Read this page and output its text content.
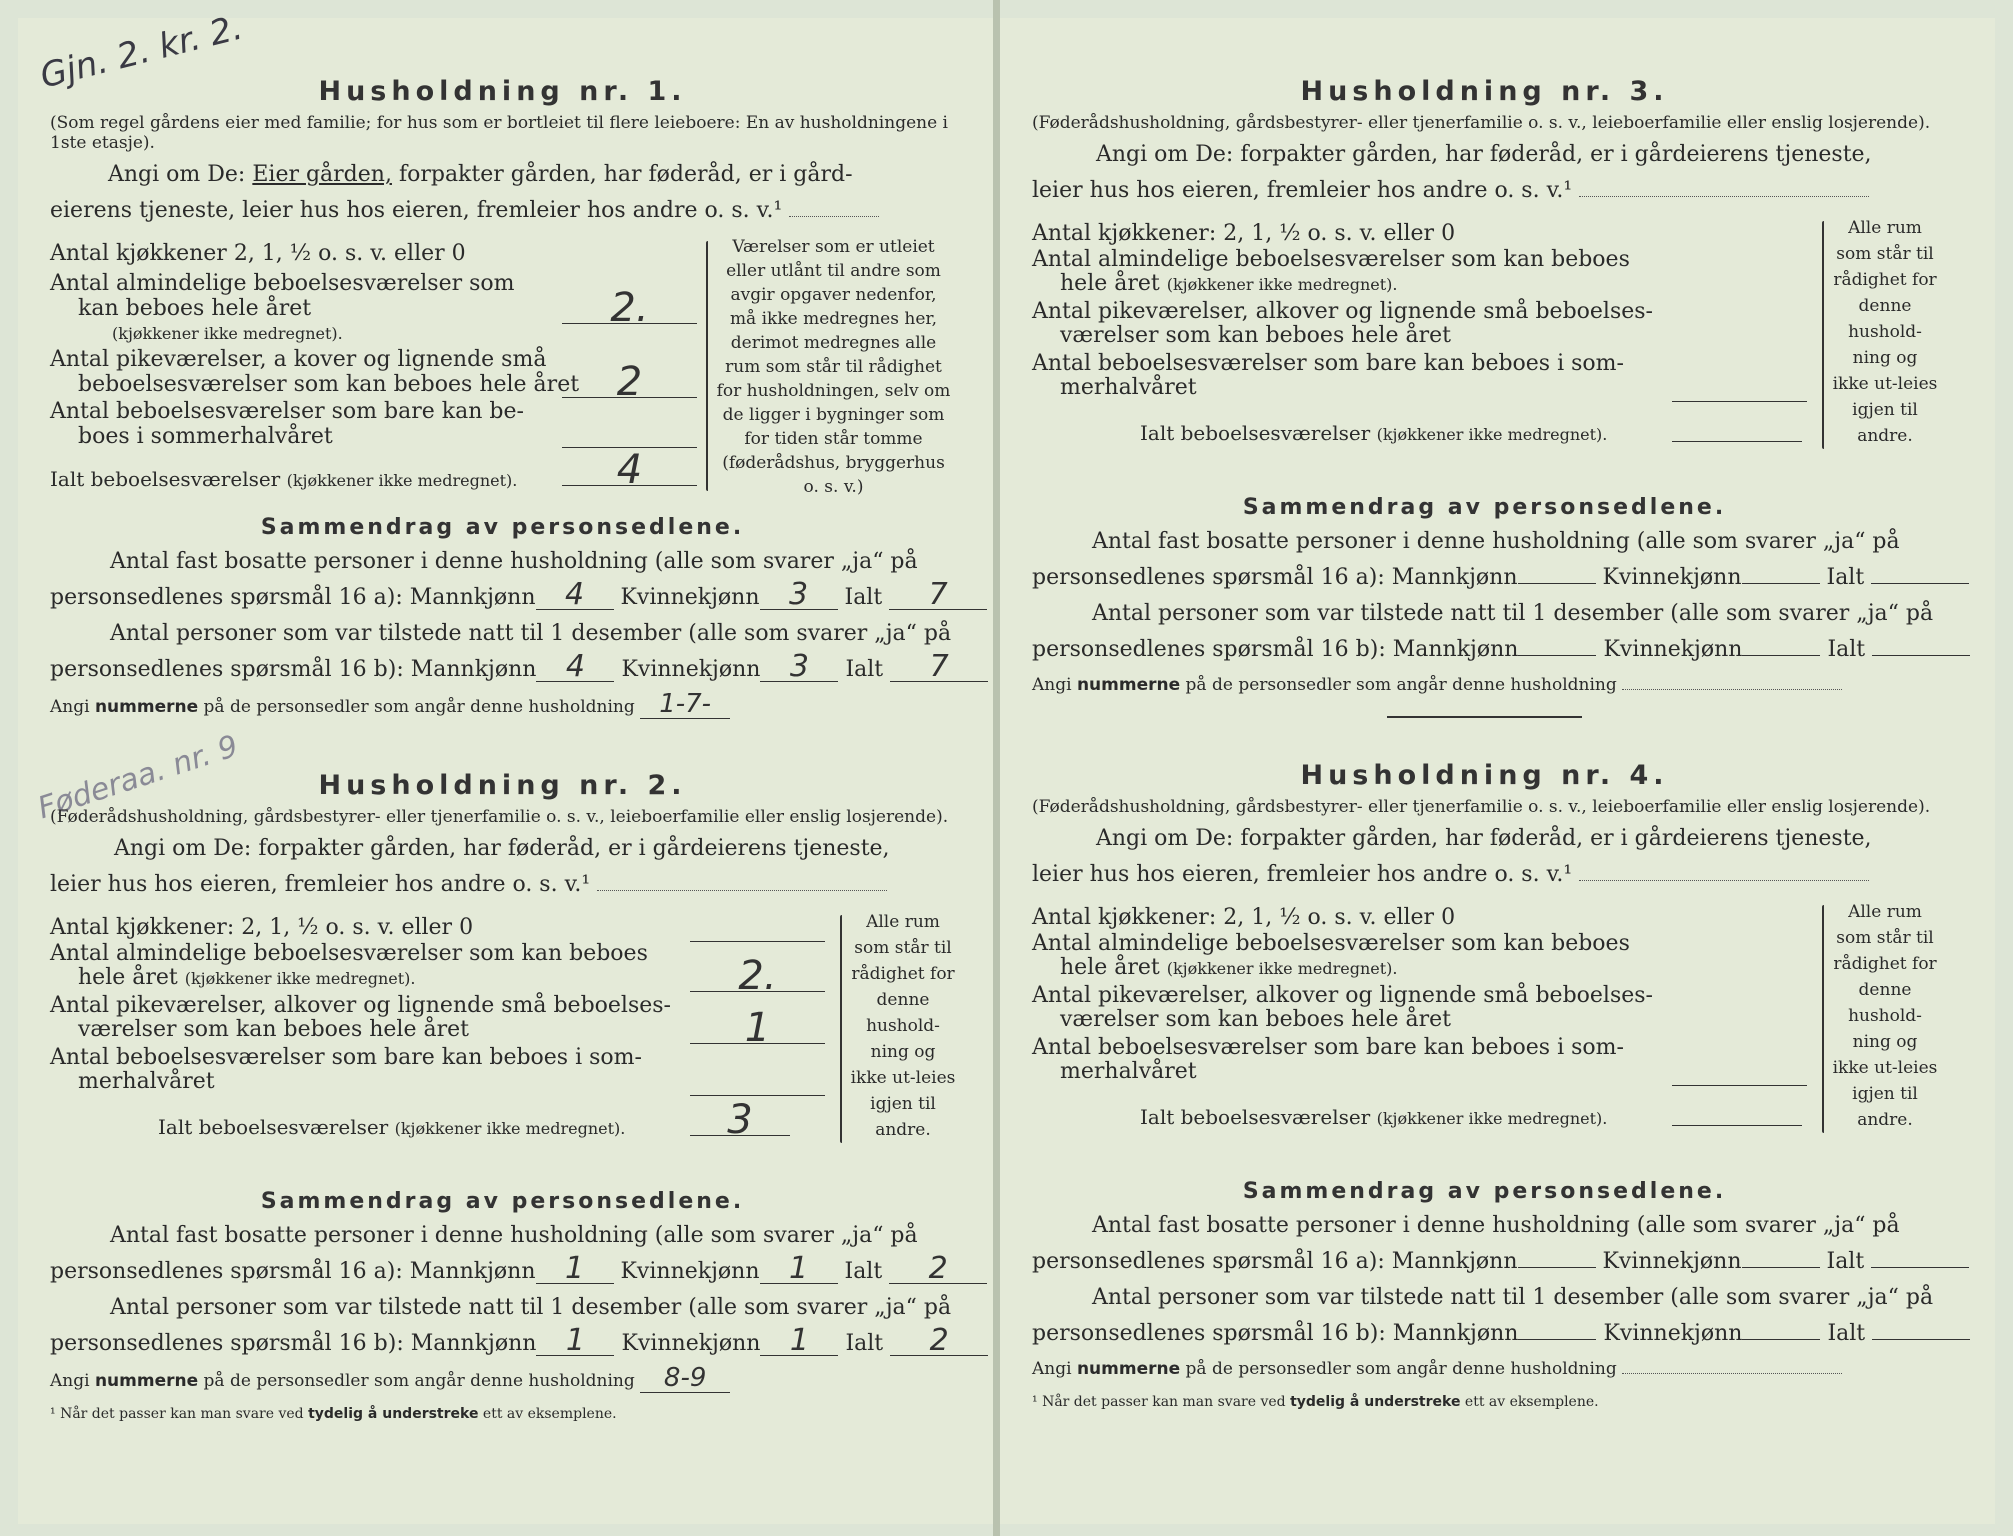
Gjn. 2. kr. 2.
Føderaa. nr. 9
Husholdning nr. 1.

(Som regel gårdens eier med familie; for hus som er bortleiet til flere leieboere: En av husholdningene i 1ste etasje).

Angi om De: Eier gården, forpakter gården, har føderåd, er i gård-

eierens tjeneste, leier hus hos eieren, fremleier hos andre o. s. v.¹

Antal kjøkkener 2, 1, ½ o. s. v. eller 0
Antal almindelige beboelsesværelser som
kan beboes hele året
(kjøkkener ikke medregnet).
2.
Antal pikeværelser, a kover og lignende små
beboelsesværelser som kan beboes hele året 2
Antal beboelsesværelser som bare kan be-
boes i sommerhalvåret
Ialt beboelsesværelser (kjøkkener ikke medregnet).	4
Værelser som er utleiet eller utlånt til andre som avgir opgaver nedenfor, må ikke medregnes her, derimot medregnes alle rum som står til rådighet for husholdningen, selv om de ligger i bygninger som for tiden står tomme (føderådshus, bryggerhus o. s. v.)
Sammendrag av personsedlene.

Antal fast bosatte personer i denne husholdning (alle som svarer „ja“ på

personsedlenes spørsmål 16 a): Mannkjønn 4 Kvinnekjønn 3 Ialt 7

Antal personer som var tilstede natt til 1 desember (alle som svarer „ja“ på

personsedlenes spørsmål 16 b): Mannkjønn 4 Kvinnekjønn 3 Ialt 7

Angi nummerne på de personsedler som angår denne husholdning 1-7-

Husholdning nr. 2.

(Føderådshusholdning, gårdsbestyrer- eller tjenerfamilie o. s. v., leieboerfamilie eller enslig losjerende).

Angi om De: forpakter gården, har føderåd, er i gårdeierens tjeneste,

leier hus hos eieren, fremleier hos andre o. s. v.¹

Antal kjøkkener: 2, 1, ½ o. s. v. eller 0
Antal almindelige beboelsesværelser som kan beboes
hele året (kjøkkener ikke medregnet).	2.
Antal pikeværelser, alkover og lignende små beboelses-
værelser som kan beboes hele året	1
Antal beboelsesværelser som bare kan beboes i som-
merhalvåret
Ialt beboelsesværelser (kjøkkener ikke medregnet).	3
Alle rum som står til rådighet for denne hushold-ning og ikke ut-leies igjen til andre.
Sammendrag av personsedlene.

Antal fast bosatte personer i denne husholdning (alle som svarer „ja“ på

personsedlenes spørsmål 16 a): Mannkjønn 1 Kvinnekjønn 1 Ialt 2

Antal personer som var tilstede natt til 1 desember (alle som svarer „ja“ på

personsedlenes spørsmål 16 b): Mannkjønn 1 Kvinnekjønn 1 Ialt 2

Angi nummerne på de personsedler som angår denne husholdning 8-9

¹ Når det passer kan man svare ved tydelig å understreke ett av eksemplene.

Husholdning nr. 3.

(Føderådshusholdning, gårdsbestyrer- eller tjenerfamilie o. s. v., leieboerfamilie eller enslig losjerende).

Angi om De: forpakter gården, har føderåd, er i gårdeierens tjeneste,

leier hus hos eieren, fremleier hos andre o. s. v.¹

Antal kjøkkener: 2, 1, ½ o. s. v. eller 0
Antal almindelige beboelsesværelser som kan beboes
hele året (kjøkkener ikke medregnet).
Antal pikeværelser, alkover og lignende små beboelses-
værelser som kan beboes hele året
Antal beboelsesværelser som bare kan beboes i som-
merhalvåret
Ialt beboelsesværelser (kjøkkener ikke medregnet).
Alle rum som står til rådighet for denne hushold-ning og ikke ut-leies igjen til andre.
Sammendrag av personsedlene.

Antal fast bosatte personer i denne husholdning (alle som svarer „ja“ på

personsedlenes spørsmål 16 a): Mannkjønn	Kvinnekjønn	Ialt

Antal personer som var tilstede natt til 1 desember (alle som svarer „ja“ på

personsedlenes spørsmål 16 b): Mannkjønn	Kvinnekjønn	Ialt

Angi nummerne på de personsedler som angår denne husholdning

Husholdning nr. 4.

(Føderådshusholdning, gårdsbestyrer- eller tjenerfamilie o. s. v., leieboerfamilie eller enslig losjerende).

Angi om De: forpakter gården, har føderåd, er i gårdeierens tjeneste,

leier hus hos eieren, fremleier hos andre o. s. v.¹

Antal kjøkkener: 2, 1, ½ o. s. v. eller 0
Antal almindelige beboelsesværelser som kan beboes
hele året (kjøkkener ikke medregnet).
Antal pikeværelser, alkover og lignende små beboelses-
værelser som kan beboes hele året
Antal beboelsesværelser som bare kan beboes i som-
merhalvåret
Ialt beboelsesværelser (kjøkkener ikke medregnet).
Alle rum som står til rådighet for denne hushold-ning og ikke ut-leies igjen til andre.
Sammendrag av personsedlene.

Antal fast bosatte personer i denne husholdning (alle som svarer „ja“ på

personsedlenes spørsmål 16 a): Mannkjønn	Kvinnekjønn	Ialt

Antal personer som var tilstede natt til 1 desember (alle som svarer „ja“ på

personsedlenes spørsmål 16 b): Mannkjønn	Kvinnekjønn	Ialt

Angi nummerne på de personsedler som angår denne husholdning

¹ Når det passer kan man svare ved tydelig å understreke ett av eksemplene.
